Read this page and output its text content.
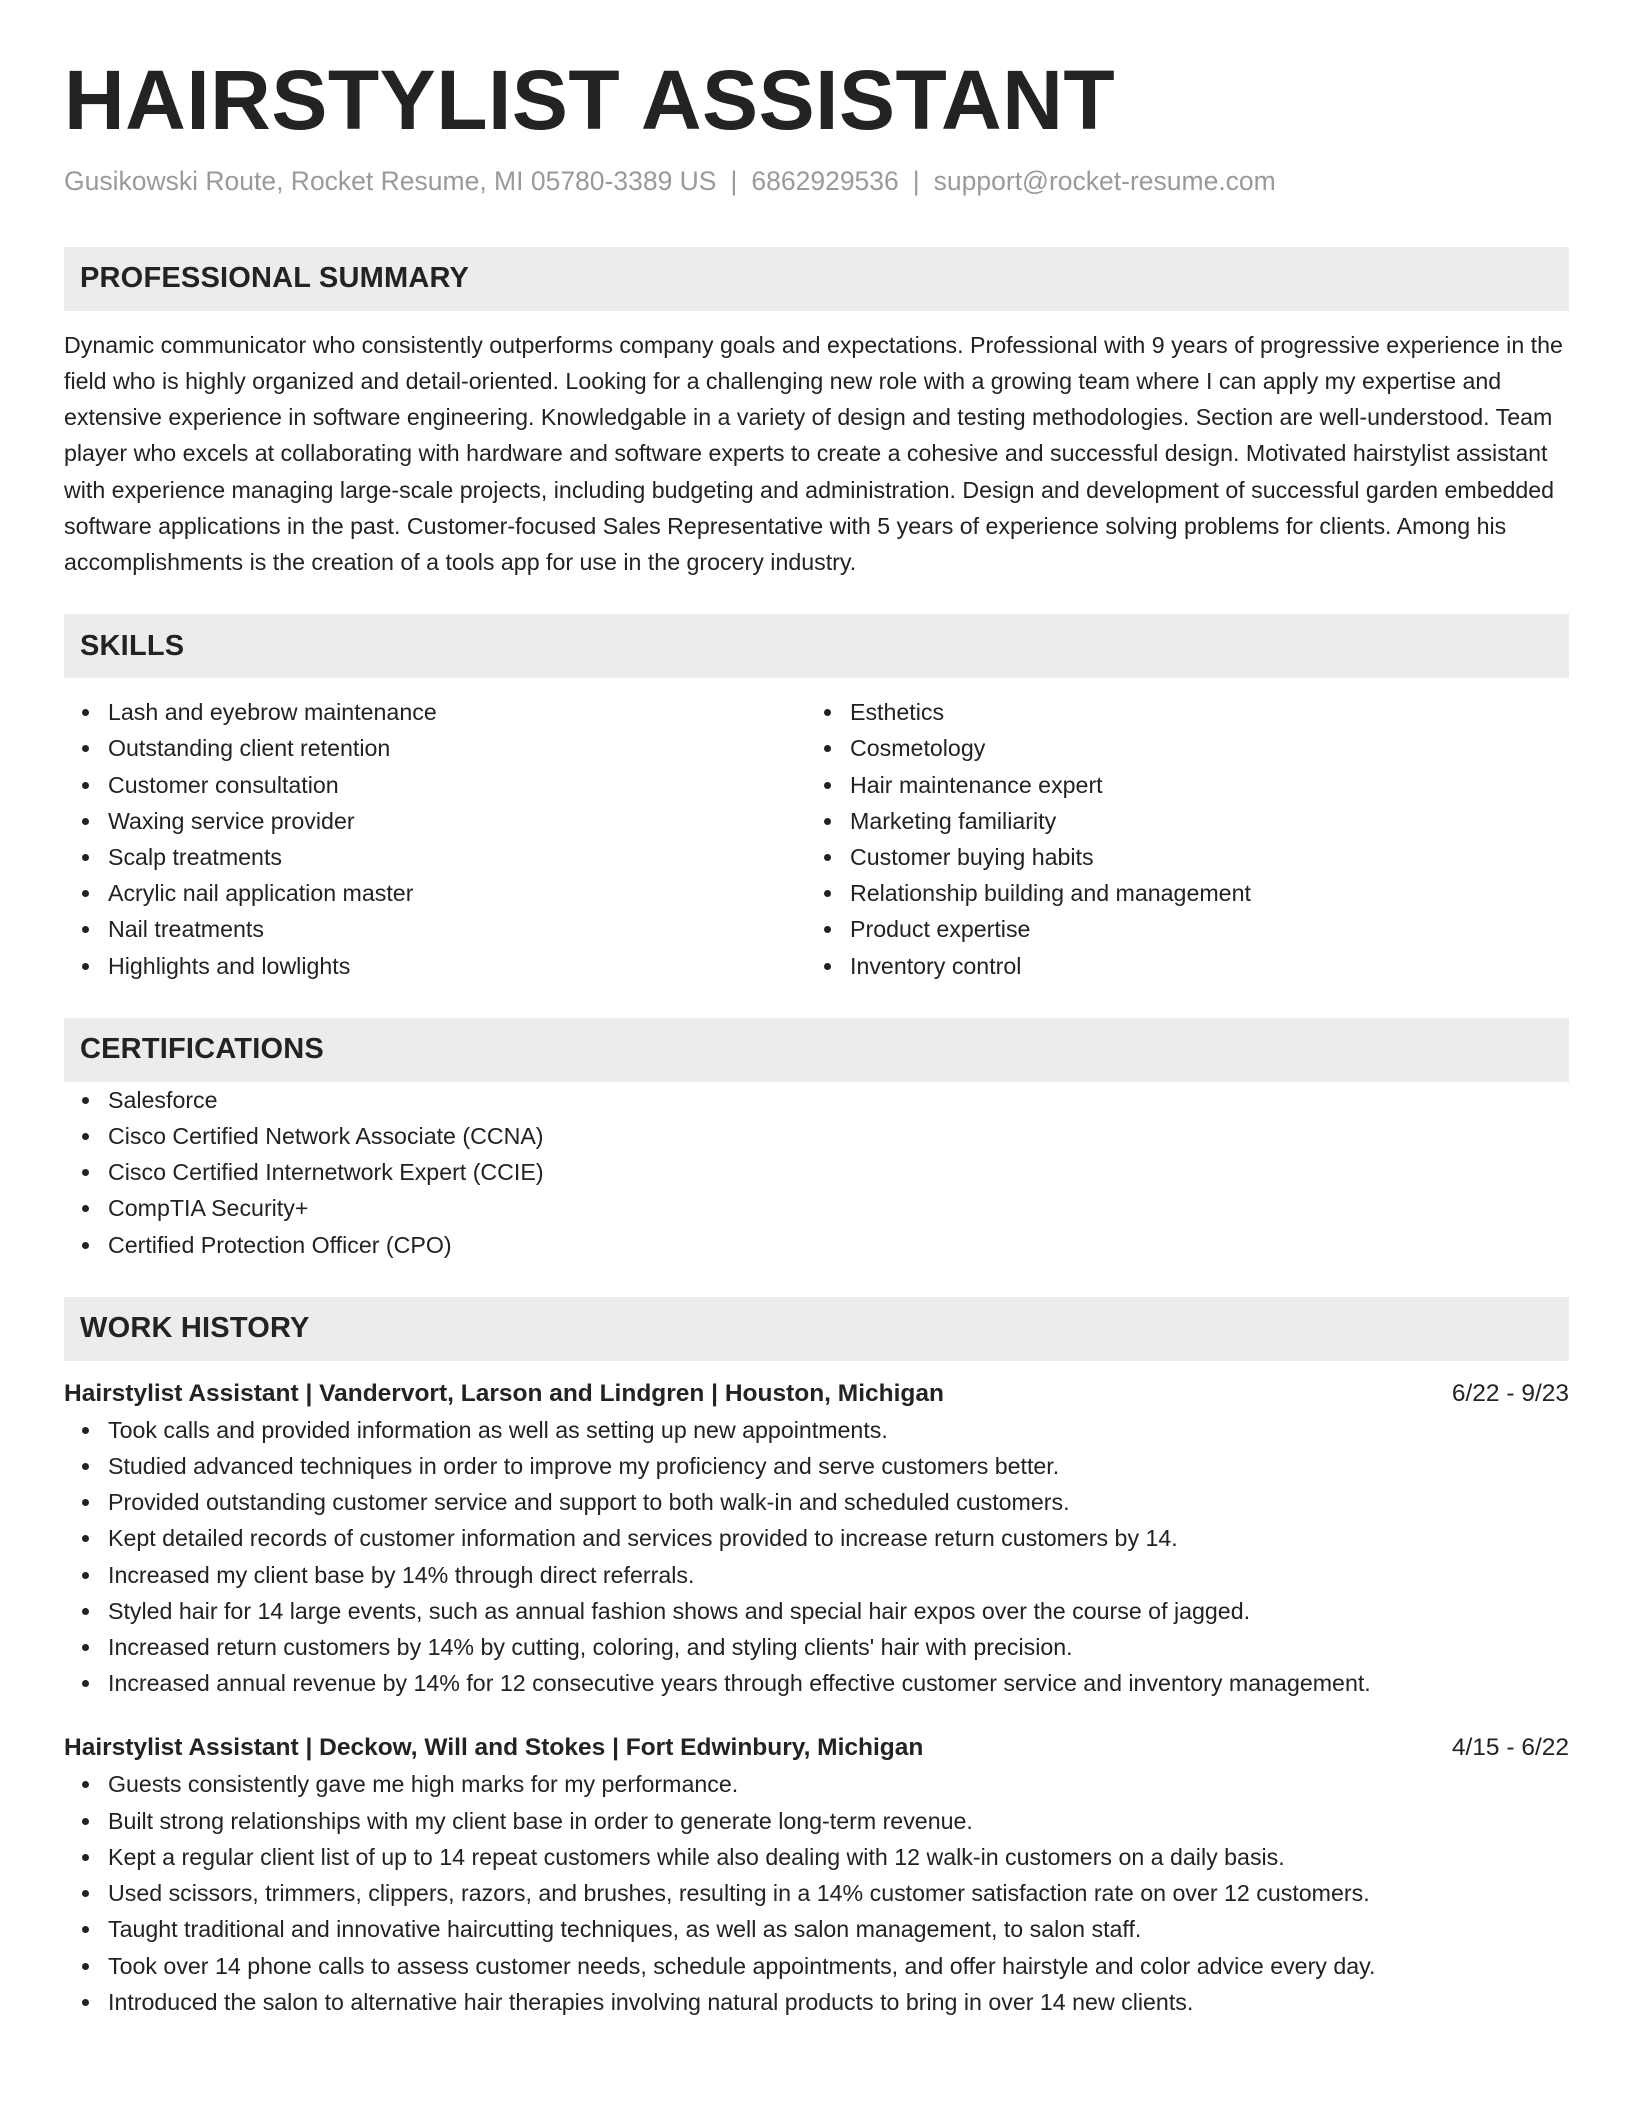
HAIRSTYLIST ASSISTANT
Gusikowski Route, Rocket Resume, MI 05780-3389 US | 6862929536 | support@rocket-resume.com
PROFESSIONAL SUMMARY

Dynamic communicator who consistently outperforms company goals and expectations. Professional with 9 years of progressive experience in the field who is highly organized and detail-oriented. Looking for a challenging new role with a growing team where I can apply my expertise and extensive experience in software engineering. Knowledgable in a variety of design and testing methodologies. Section are well-understood. Team player who excels at collaborating with hardware and software experts to create a cohesive and successful design. Motivated hairstylist assistant with experience managing large-scale projects, including budgeting and administration. Design and development of successful garden embedded software applications in the past. Customer-focused Sales Representative with 5 years of experience solving problems for clients. Among his accomplishments is the creation of a tools app for use in the grocery industry.

SKILLS
Lash and eyebrow maintenance
Outstanding client retention
Customer consultation
Waxing service provider
Scalp treatments
Acrylic nail application master
Nail treatments
Highlights and lowlights
Esthetics
Cosmetology
Hair maintenance expert
Marketing familiarity
Customer buying habits
Relationship building and management
Product expertise
Inventory control
CERTIFICATIONS
Salesforce
Cisco Certified Network Associate (CCNA)
Cisco Certified Internetwork Expert (CCIE)
CompTIA Security+
Certified Protection Officer (CPO)
WORK HISTORY
Hairstylist Assistant | Vandervort, Larson and Lindgren | Houston, Michigan	6/22 - 9/23
Took calls and provided information as well as setting up new appointments.
Studied advanced techniques in order to improve my proficiency and serve customers better.
Provided outstanding customer service and support to both walk-in and scheduled customers.
Kept detailed records of customer information and services provided to increase return customers by 14.
Increased my client base by 14% through direct referrals.
Styled hair for 14 large events, such as annual fashion shows and special hair expos over the course of jagged.
Increased return customers by 14% by cutting, coloring, and styling clients' hair with precision.
Increased annual revenue by 14% for 12 consecutive years through effective customer service and inventory management.
Hairstylist Assistant | Deckow, Will and Stokes | Fort Edwinbury, Michigan	4/15 - 6/22
Guests consistently gave me high marks for my performance.
Built strong relationships with my client base in order to generate long-term revenue.
Kept a regular client list of up to 14 repeat customers while also dealing with 12 walk-in customers on a daily basis.
Used scissors, trimmers, clippers, razors, and brushes, resulting in a 14% customer satisfaction rate on over 12 customers.
Taught traditional and innovative haircutting techniques, as well as salon management, to salon staff.
Took over 14 phone calls to assess customer needs, schedule appointments, and offer hairstyle and color advice every day.
Introduced the salon to alternative hair therapies involving natural products to bring in over 14 new clients.
